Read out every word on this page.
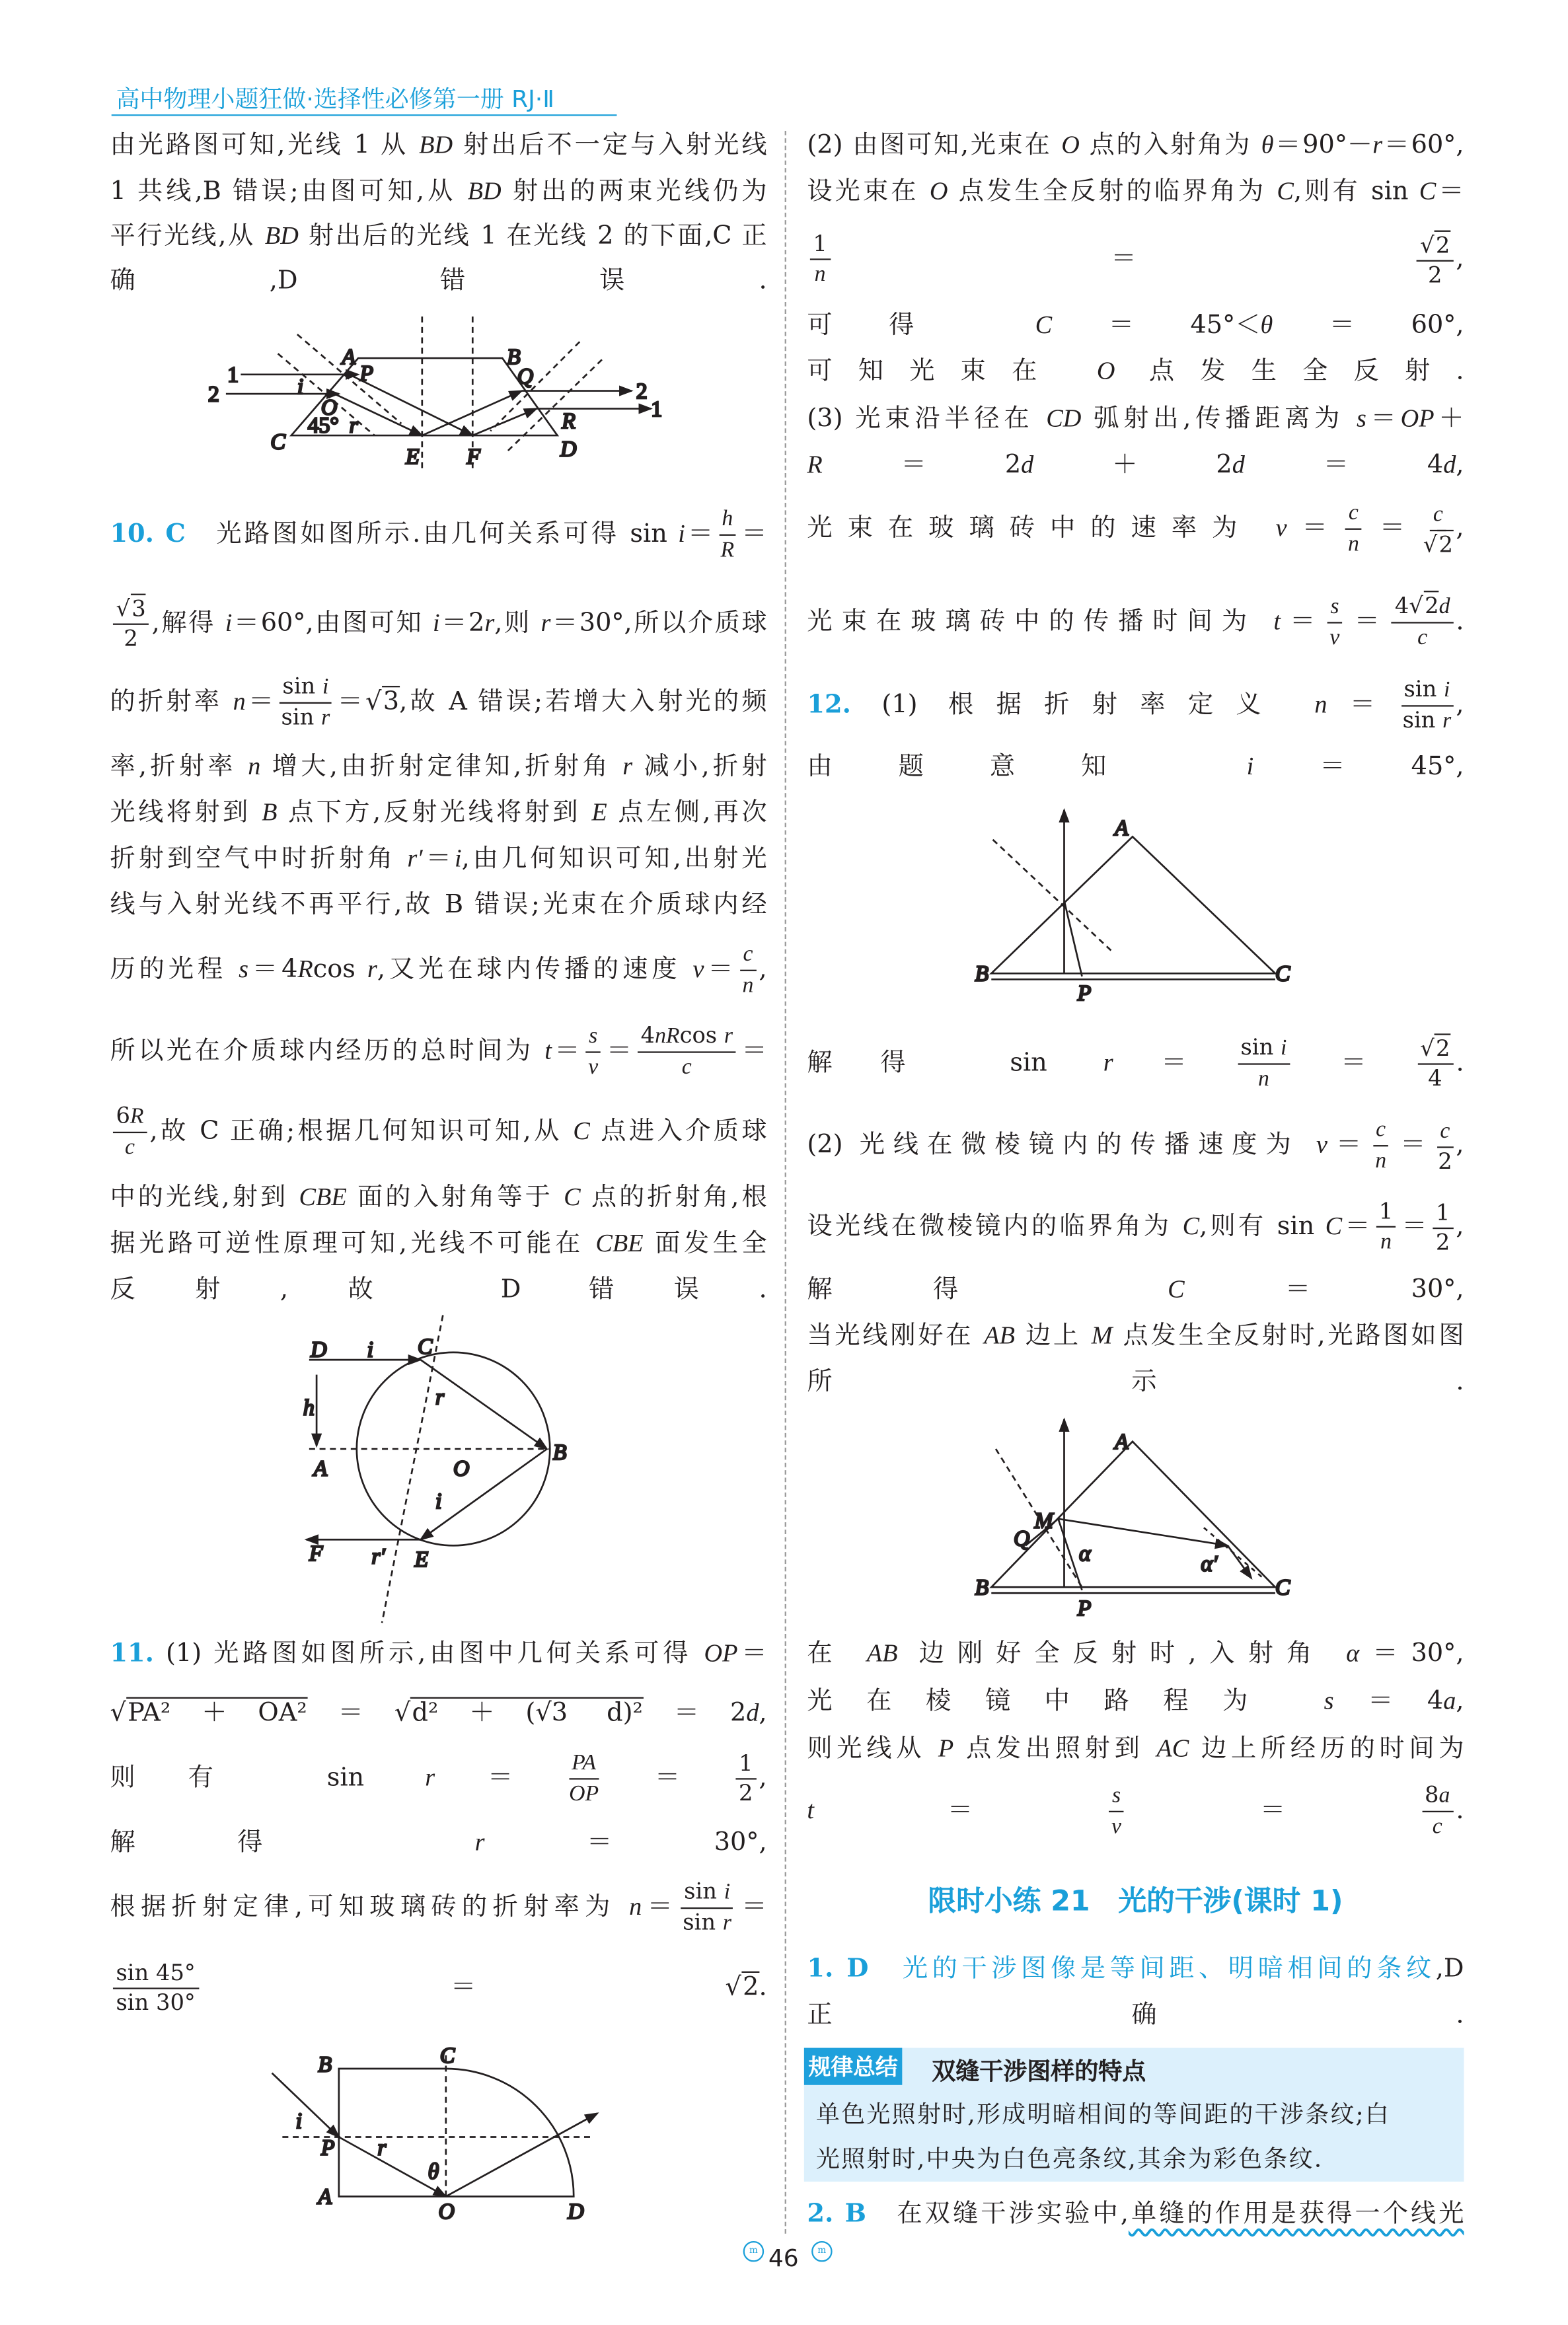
高中物理小题狂做·选择性必修第一册 RJ·Ⅱ
由光路图可知,光线 1 从 BD 射出后不一定与入射光线
1 共线,B 错误;由图可知,从 BD 射出的两束光线仍为
平行光线,从 BD 射出后的光线 1 在光线 2 的下面,C 正
确,D 错误.
10. C　光路图如图所示.由几何关系可得 $\sin i= \frac{h}{R}$ ＝
$\frac{√ 3}{2}$ ,解得 i＝60°,由图可知 i＝2r,则 r＝30°,所以介质球
的折射率 $n= \frac{\text{sin i}}{\text{sin r}}$ ＝√ 3,故 A 错误;若增大入射光的频
率,折射率 n 增大,由折射定律知,折射角 r 减小,折射
光线将射到 B 点下方,反射光线将射到 E 点左侧,再次
折射到空气中时折射角 r′＝i,由几何知识可知,出射光
线与入射光线不再平行,故 B 错误;光束在介质球内经
历的光程 s＝4Rcos r,又光在球内传播的速度 $v= \frac{c}{n}$ ,
所以光在介质球内经历的总时间为 $t= \frac{s}{v} = \frac{\text{4nRcos r}}{c}$ ＝
$\frac{6R}{c}$ ,故 C 正确;根据几何知识可知,从 C 点进入介质球
中的光线,射到 CBE 面的入射角等于 C 点的折射角,根
据光路可逆性原理可知,光线不可能在 CBE 面发生全
反射,故 D 错误.
11. (1) 光路图如图所示,由图中几何关系可得 OP＝
√ PA²＋OA²＝√ d²＋(√3 d)²＝2d,
则有 $\sin r= \frac{PA}{OP} = \frac{1}{2}$ ,
解得 r＝30°,
根据折射定律,可知玻璃砖的折射率为 $n= \frac{\text{sin i}}{\text{sin r}}$ ＝
$\frac{\sin 45^\circ}{\sin 30^\circ}$ ＝√ 2.
限时小练 21　光的干涉(课时 1)
(2) 由图可知,光束在 O 点的入射角为 θ＝90°－r＝60°,
设光束在 O 点发生全反射的临界角为 C,则有 sin C＝
$\frac{1}{n} = \frac{√ 2}{2}$ ,
可得 C＝45°＜θ＝60°,
可知光束在 O 点发生全反射.
(3) 光束沿半径在 CD 弧射出,传播距离为 s＝OP＋
R＝2d＋2d＝4d,
光束在玻璃砖中的速率为 $v= \frac{c}{n} = \frac{c}{√ 2}$ ,
光束在玻璃砖中的传播时间为 $t= \frac{s}{v} = \frac{4√ 2d}{c}$ .
12. (1) 根据折射率定义 $n= \frac{\text{sin i}}{\text{sin r}}$ ,
由题意知 i＝45°,
解得 $\sin r= \frac{\text{sin i}}{n} = \frac{√ 2}{4}$ .
(2) 光线在微棱镜内的传播速度为 $v= \frac{c}{n} = \frac{c}{2}$ ,
设光线在微棱镜内的临界角为 C,则有 $\sin C= \frac{1}{n} = \frac{1}{2}$ ,
解得 C＝30°,
当光线刚好在 AB 边上 M 点发生全反射时,光路图如图
所示.
在 AB 边刚好全反射时,入射角 α＝30°,
光在棱镜中路程为 s＝4a,
则光线从 P 点发出照射到 AC 边上所经历的时间为
$t= \frac{s}{v} = \frac{8a}{c}$ .
1. D　	光的干涉图像是等间距、明暗相间的条纹,D
正确.
2. B　在双缝干涉实验中,单缝的作用是获得一个线光
规律总结	双缝干涉图样的特点
单色光照射时,形成明暗相间的等间距的干涉条纹;白
光照射时,中央为白色亮条纹,其余为彩色条纹.
1
2
A
P
B
Q
2
1
i
O
45° r	R
C
E	F	D
D	i	C
h
A	O
B
F	r′	E
r
i
B	C
i
P	r
θ
A
O	D
A
B	C
P
A
B	C
P
M
Q
α	α′
m	46	m
